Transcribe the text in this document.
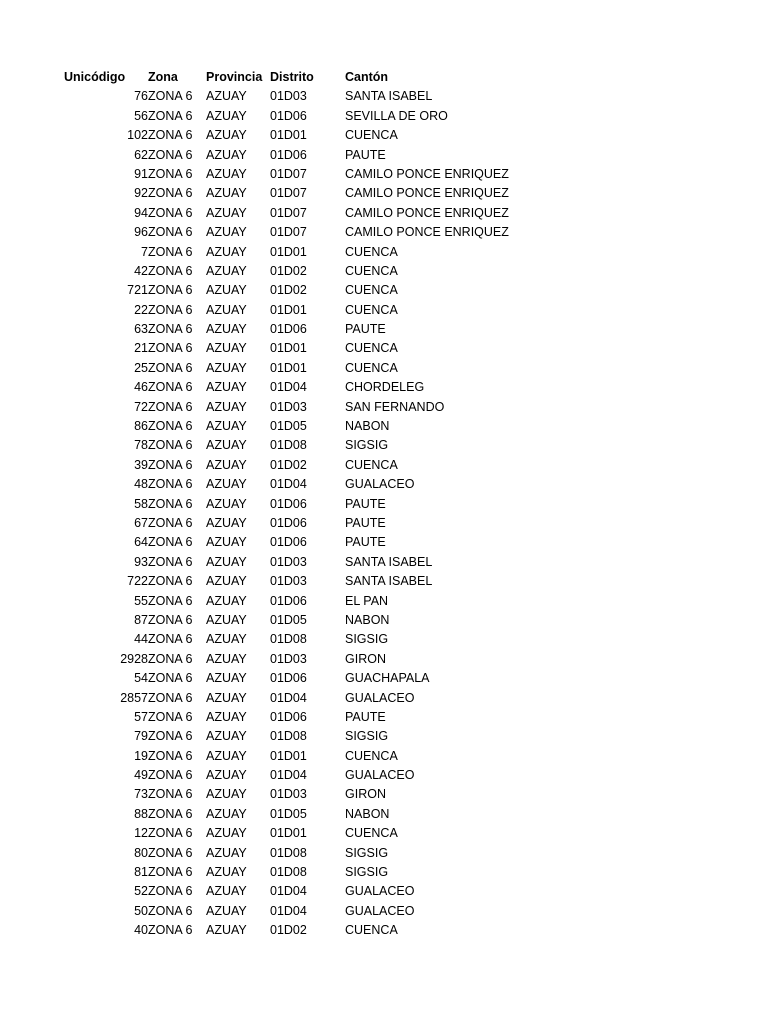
Unicódigo Zona Provincia Distrito	Cantón
76 ZONA 6 AZUAY 01D03	SANTA ISABEL
56 ZONA 6 AZUAY 01D06	SEVILLA DE ORO
102 ZONA 6 AZUAY 01D01	CUENCA
62 ZONA 6 AZUAY 01D06	PAUTE
91 ZONA 6 AZUAY 01D07	CAMILO PONCE ENRIQUEZ
92 ZONA 6 AZUAY 01D07	CAMILO PONCE ENRIQUEZ
94 ZONA 6 AZUAY 01D07	CAMILO PONCE ENRIQUEZ
96 ZONA 6 AZUAY 01D07	CAMILO PONCE ENRIQUEZ
7 ZONA 6 AZUAY 01D01	CUENCA
42 ZONA 6 AZUAY 01D02	CUENCA
721 ZONA 6 AZUAY 01D02	CUENCA
22 ZONA 6 AZUAY 01D01	CUENCA
63 ZONA 6 AZUAY 01D06	PAUTE
21 ZONA 6 AZUAY 01D01	CUENCA
25 ZONA 6 AZUAY 01D01	CUENCA
46 ZONA 6 AZUAY 01D04	CHORDELEG
72 ZONA 6 AZUAY 01D03	SAN FERNANDO
86 ZONA 6 AZUAY 01D05	NABON
78 ZONA 6 AZUAY 01D08	SIGSIG
39 ZONA 6 AZUAY 01D02	CUENCA
48 ZONA 6 AZUAY 01D04	GUALACEO
58 ZONA 6 AZUAY 01D06	PAUTE
67 ZONA 6 AZUAY 01D06	PAUTE
64 ZONA 6 AZUAY 01D06	PAUTE
93 ZONA 6 AZUAY 01D03	SANTA ISABEL
722 ZONA 6 AZUAY 01D03	SANTA ISABEL
55 ZONA 6 AZUAY 01D06	EL PAN
87 ZONA 6 AZUAY 01D05	NABON
44 ZONA 6 AZUAY 01D08	SIGSIG
2928 ZONA 6 AZUAY 01D03	GIRON
54 ZONA 6 AZUAY 01D06	GUACHAPALA
2857 ZONA 6 AZUAY 01D04	GUALACEO
57 ZONA 6 AZUAY 01D06	PAUTE
79 ZONA 6 AZUAY 01D08	SIGSIG
19 ZONA 6 AZUAY 01D01	CUENCA
49 ZONA 6 AZUAY 01D04	GUALACEO
73 ZONA 6 AZUAY 01D03	GIRON
88 ZONA 6 AZUAY 01D05	NABON
12 ZONA 6 AZUAY 01D01	CUENCA
80 ZONA 6 AZUAY 01D08	SIGSIG
81 ZONA 6 AZUAY 01D08	SIGSIG
52 ZONA 6 AZUAY 01D04	GUALACEO
50 ZONA 6 AZUAY 01D04	GUALACEO
40 ZONA 6 AZUAY 01D02	CUENCA
